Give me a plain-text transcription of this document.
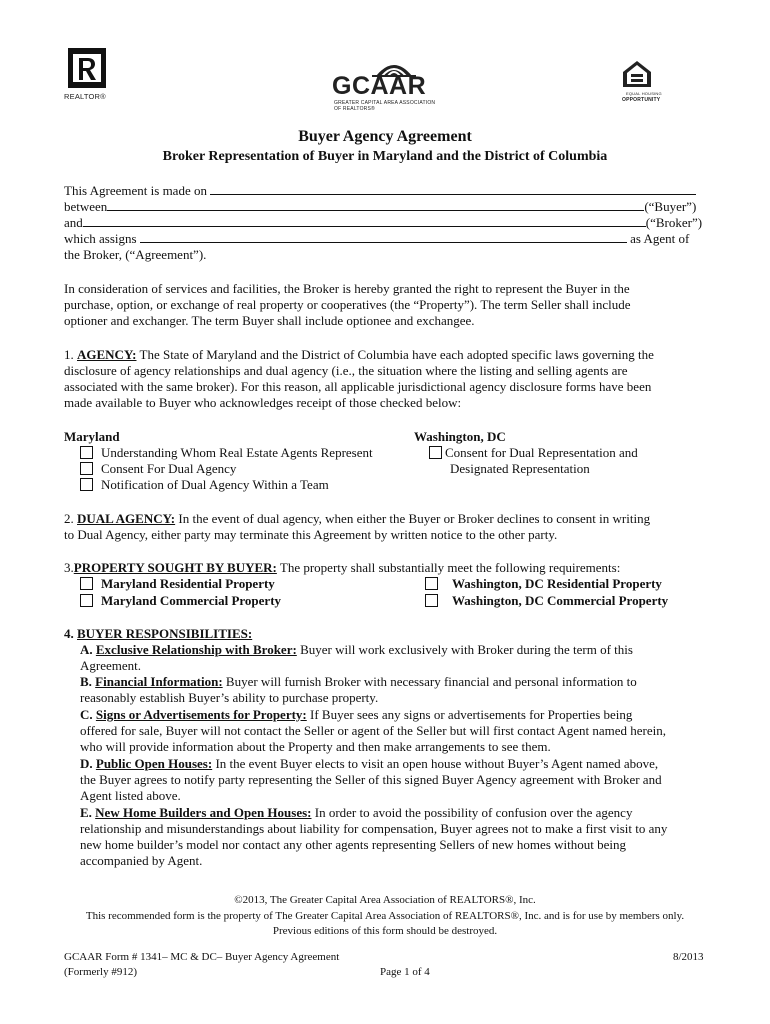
REALTOR®	GCAAR
GREATER CAPITAL AREA ASSOCIATION OF REALTORS®
EQUAL HOUSING
OPPORTUNITY
Buyer Agency Agreement
Broker Representation of Buyer in Maryland and the District of Columbia
This Agreement is made on
between	(“Buyer”)
and	(“Broker”)
which assigns	as Agent of
the Broker, (“Agreement”).
In consideration of services and facilities, the Broker is hereby granted the right to represent the Buyer in the
purchase, option, or exchange of real property or cooperatives (the “Property”). The term Seller shall include
optioner and exchanger. The term Buyer shall include optionee and exchangee.
1. AGENCY: The State of Maryland and the District of Columbia have each adopted specific laws governing the
disclosure of agency relationships and dual agency (i.e., the situation where the listing and selling agents are
associated with the same broker). For this reason, all applicable jurisdictional agency disclosure forms have been
made available to Buyer who acknowledges receipt of those checked below:
Maryland
Understanding Whom Real Estate Agents Represent
Consent For Dual Agency
Notification of Dual Agency Within a Team
Washington, DC
Consent for Dual Representation and
Designated Representation
2. DUAL AGENCY: In the event of dual agency, when either the Buyer or Broker declines to consent in writing
to Dual Agency, either party may terminate this Agreement by written notice to the other party.
3.PROPERTY SOUGHT BY BUYER: The property shall substantially meet the following requirements:
Maryland Residential Property
Maryland Commercial Property
Washington, DC Residential Property
Washington, DC Commercial Property
4. BUYER RESPONSIBILITIES:
A. Exclusive Relationship with Broker: Buyer will work exclusively with Broker during the term of this
Agreement.
B. Financial Information: Buyer will furnish Broker with necessary financial and personal information to
reasonably establish Buyer’s ability to purchase property.
C. Signs or Advertisements for Property: If Buyer sees any signs or advertisements for Properties being
offered for sale, Buyer will not contact the Seller or agent of the Seller but will first contact Agent named herein,
who will provide information about the Property and then make arrangements to see them.
D. Public Open Houses: In the event Buyer elects to visit an open house without Buyer’s Agent named above,
the Buyer agrees to notify party representing the Seller of this signed Buyer Agency agreement with Broker and
Agent listed above.
E. New Home Builders and Open Houses: In order to avoid the possibility of confusion over the agency
relationship and misunderstandings about liability for compensation, Buyer agrees not to make a first visit to any
new home builder’s model nor contact any other agents representing Sellers of new homes without being
accompanied by Agent.
©2013, The Greater Capital Area Association of REALTORS®, Inc.
This recommended form is the property of The Greater Capital Area Association of REALTORS®, Inc. and is for use by members only.
Previous editions of this form should be destroyed.
GCAAR Form # 1341– MC & DC– Buyer Agency Agreement
(Formerly #912)	Page 1 of 4
8/2013
